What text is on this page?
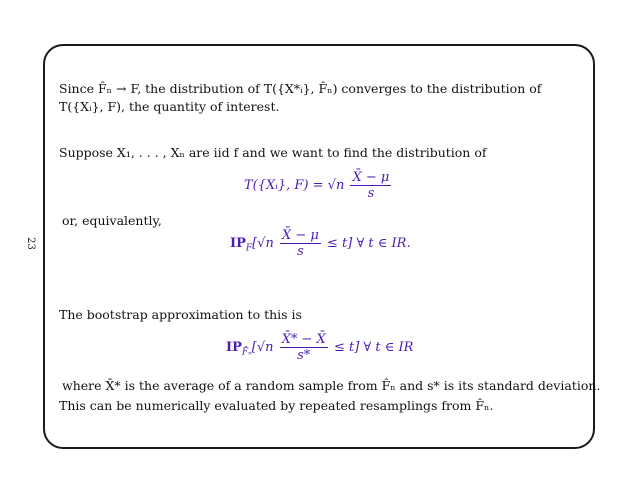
23
Since F̂ₙ → F, the distribution of T({X*ᵢ}, F̂ₙ) converges to the distribution of
T({Xᵢ}, F), the quantity of interest.
Suppose X₁, . . . , Xₙ are iid f and we want to find the distribution of
T({Xᵢ}, $F) = √n \frac{X̄ - \mu}{s}$
or, equivalently,
$IP_F[√n \frac{X̄ - \mu}{s} \le t]$ ∀ t ∈ IR.
The bootstrap approximation to this is
$IP_{F̂_n}[√n \frac{X̄* - X̄}{s*} \le t]$ ∀ t ∈ IR
where X̄* is the average of a random sample from F̂ₙ and s* is its standard deviation.
This can be numerically evaluated by repeated resamplings from F̂ₙ.
